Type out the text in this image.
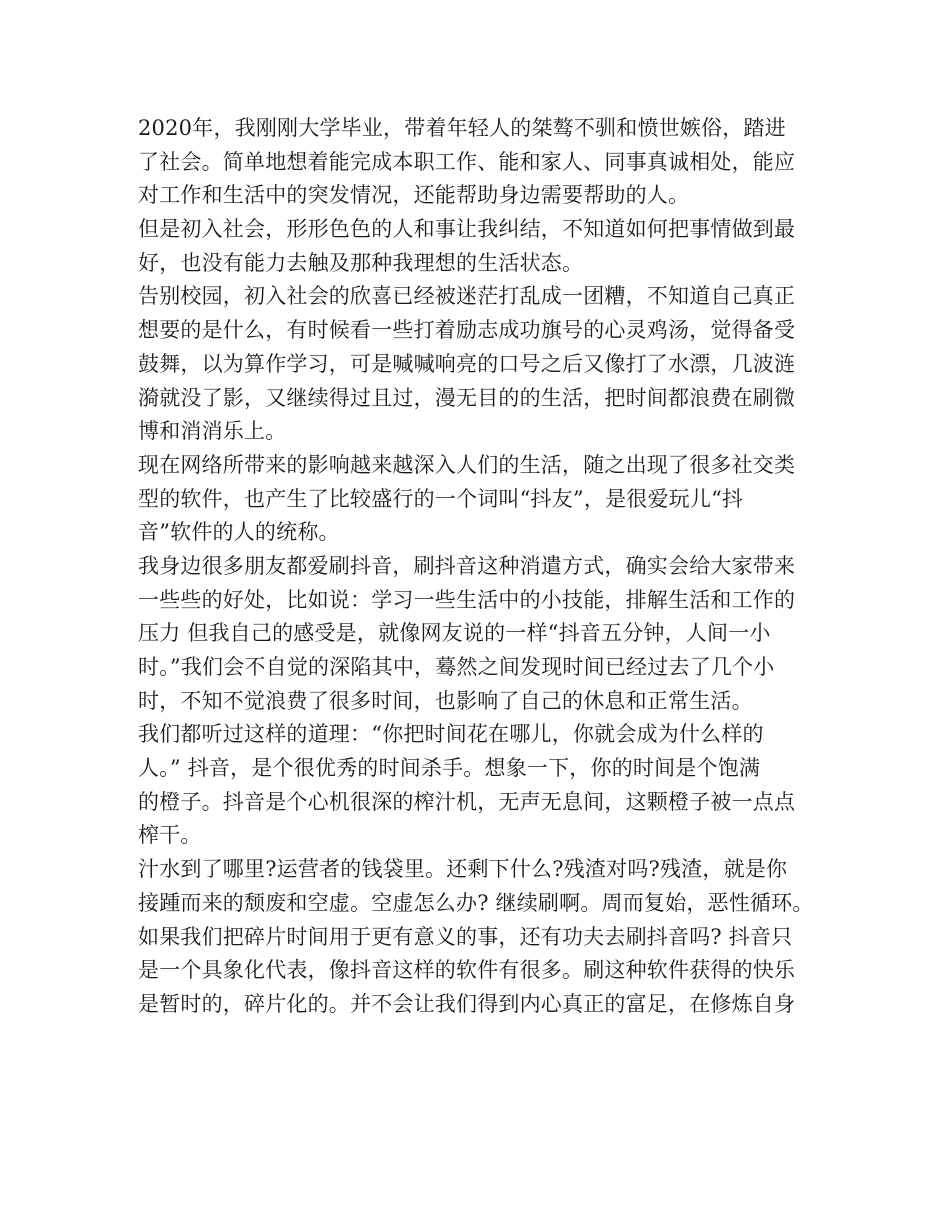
2020年，我刚刚大学毕业，带着年轻人的桀骜不驯和愤世嫉俗，踏进
了社会。简单地想着能完成本职工作、能和家人、同事真诚相处，能应
对工作和生活中的突发情况，还能帮助身边需要帮助的人。
但是初入社会，形形色色的人和事让我纠结，不知道如何把事情做到最
好，也没有能力去触及那种我理想的生活状态。
告别校园，初入社会的欣喜已经被迷茫打乱成一团糟，不知道自己真正
想要的是什么，有时候看一些打着励志成功旗号的心灵鸡汤，觉得备受
鼓舞，以为算作学习，可是喊喊响亮的口号之后又像打了水漂，几波涟
漪就没了影，又继续得过且过，漫无目的的生活，把时间都浪费在刷微
博和消消乐上。
现在网络所带来的影响越来越深入人们的生活，随之出现了很多社交类
型的软件，也产生了比较盛行的一个词叫“抖友”，是很爱玩儿“抖
音”软件的人的统称。
我身边很多朋友都爱刷抖音，刷抖音这种消遣方式，确实会给大家带来
一些些的好处，比如说：学习一些生活中的小技能，排解生活和工作的
压力 但我自己的感受是，就像网友说的一样“抖音五分钟，人间一小
时。”我们会不自觉的深陷其中，蓦然之间发现时间已经过去了几个小
时，不知不觉浪费了很多时间，也影响了自己的休息和正常生活。
我们都听过这样的道理：“你把时间花在哪儿，你就会成为什么样的
人。” 抖音，是个很优秀的时间杀手。想象一下，你的时间是个饱满
的橙子。抖音是个心机很深的榨汁机，无声无息间，这颗橙子被一点点
榨干。
汁水到了哪里?运营者的钱袋里。还剩下什么?残渣对吗?残渣，就是你
接踵而来的颓废和空虚。空虚怎么办? 继续刷啊。周而复始，恶性循环。
如果我们把碎片时间用于更有意义的事，还有功夫去刷抖音吗? 抖音只
是一个具象化代表，像抖音这样的软件有很多。刷这种软件获得的快乐
是暂时的，碎片化的。并不会让我们得到内心真正的富足，在修炼自身
